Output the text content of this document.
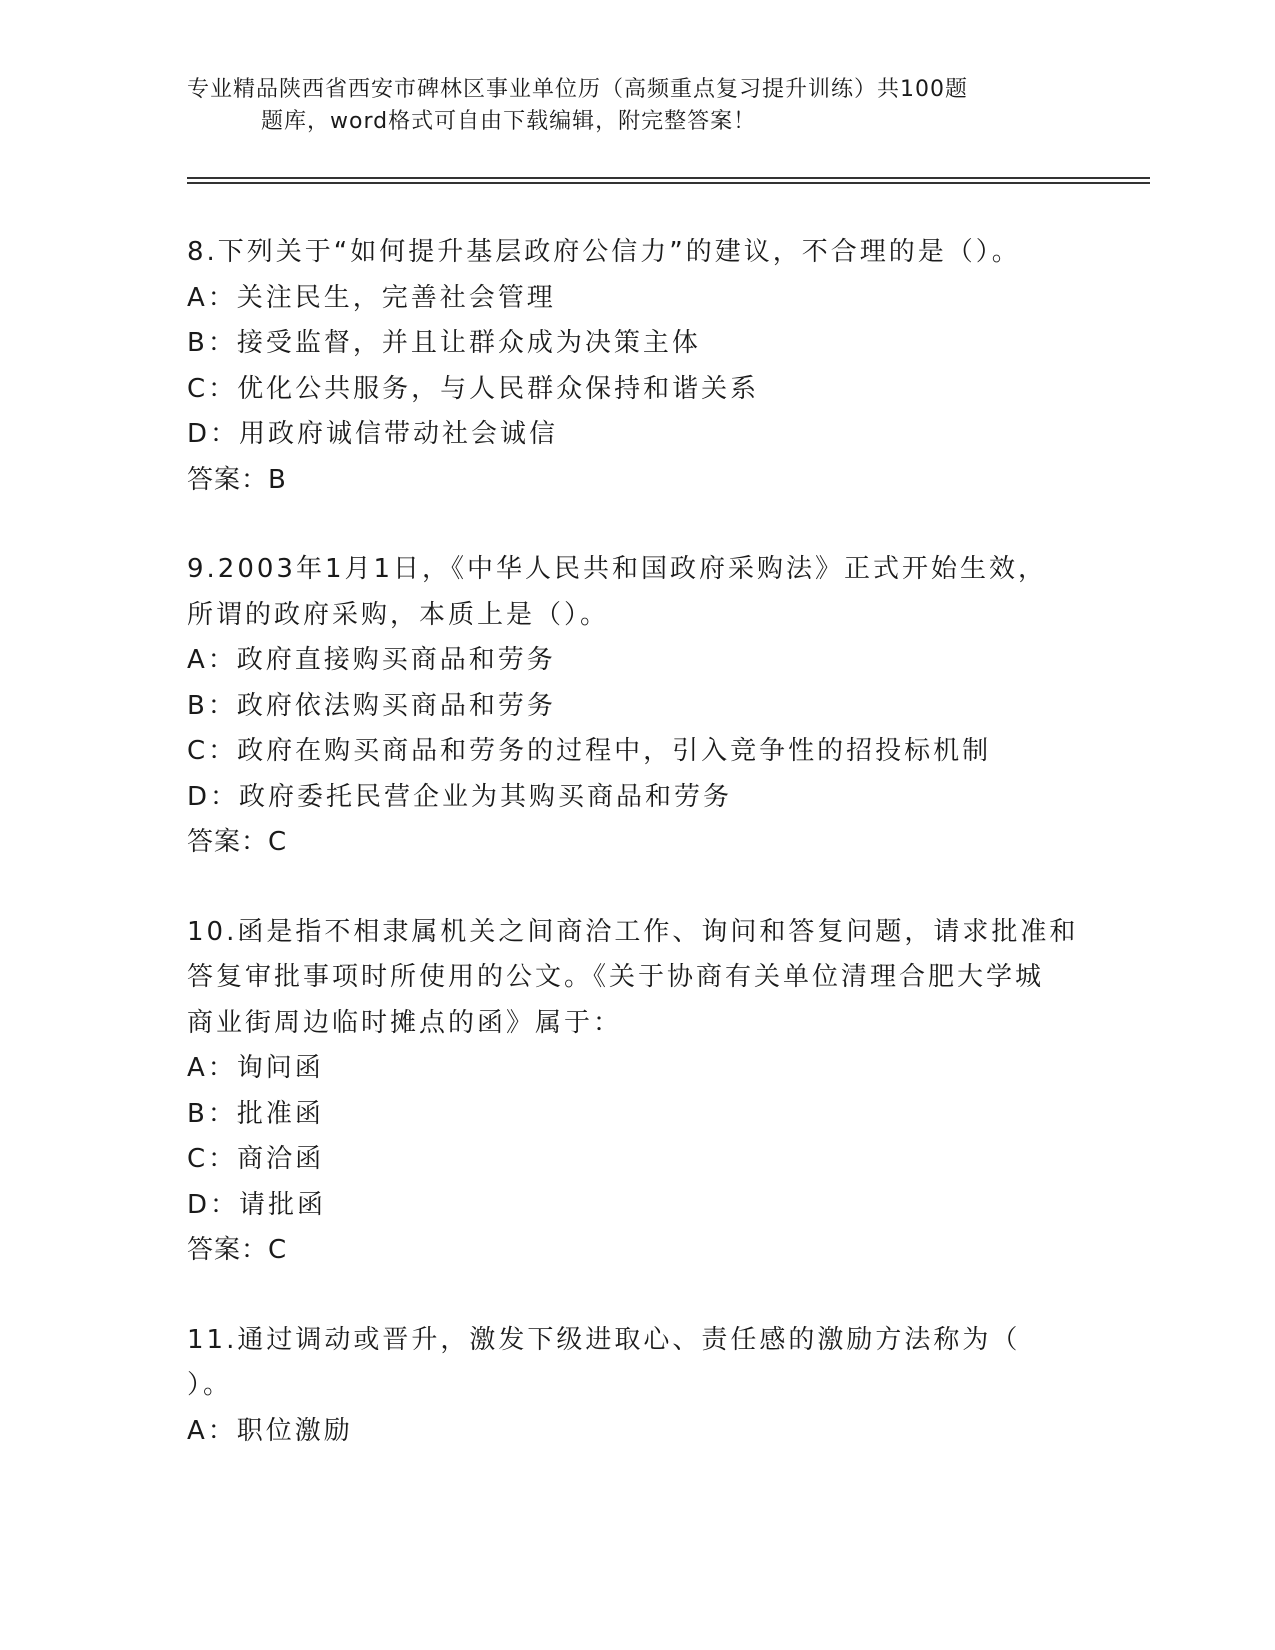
专业精品陕西省西安市碑林区事业单位历（高频重点复习提升训练）共100题
题库，word格式可自由下载编辑，附完整答案！

8.下列关于“如何提升基层政府公信力”的建议，不合理的是（）。

A：关注民生，完善社会管理

B：接受监督，并且让群众成为决策主体

C：优化公共服务，与人民群众保持和谐关系

D：用政府诚信带动社会诚信

答案：B

9.2003年1月1日，《中华人民共和国政府采购法》正式开始生效，

所谓的政府采购，本质上是（）。

A：政府直接购买商品和劳务

B：政府依法购买商品和劳务

C：政府在购买商品和劳务的过程中，引入竞争性的招投标机制

D：政府委托民营企业为其购买商品和劳务

答案：C

10.函是指不相隶属机关之间商洽工作、询问和答复问题，请求批准和

答复审批事项时所使用的公文。《关于协商有关单位清理合肥大学城

商业街周边临时摊点的函》属于：

A：询问函

B：批准函

C：商洽函

D：请批函

答案：C

11.通过调动或晋升，激发下级进取心、责任感的激励方法称为（

）。

A：职位激励
